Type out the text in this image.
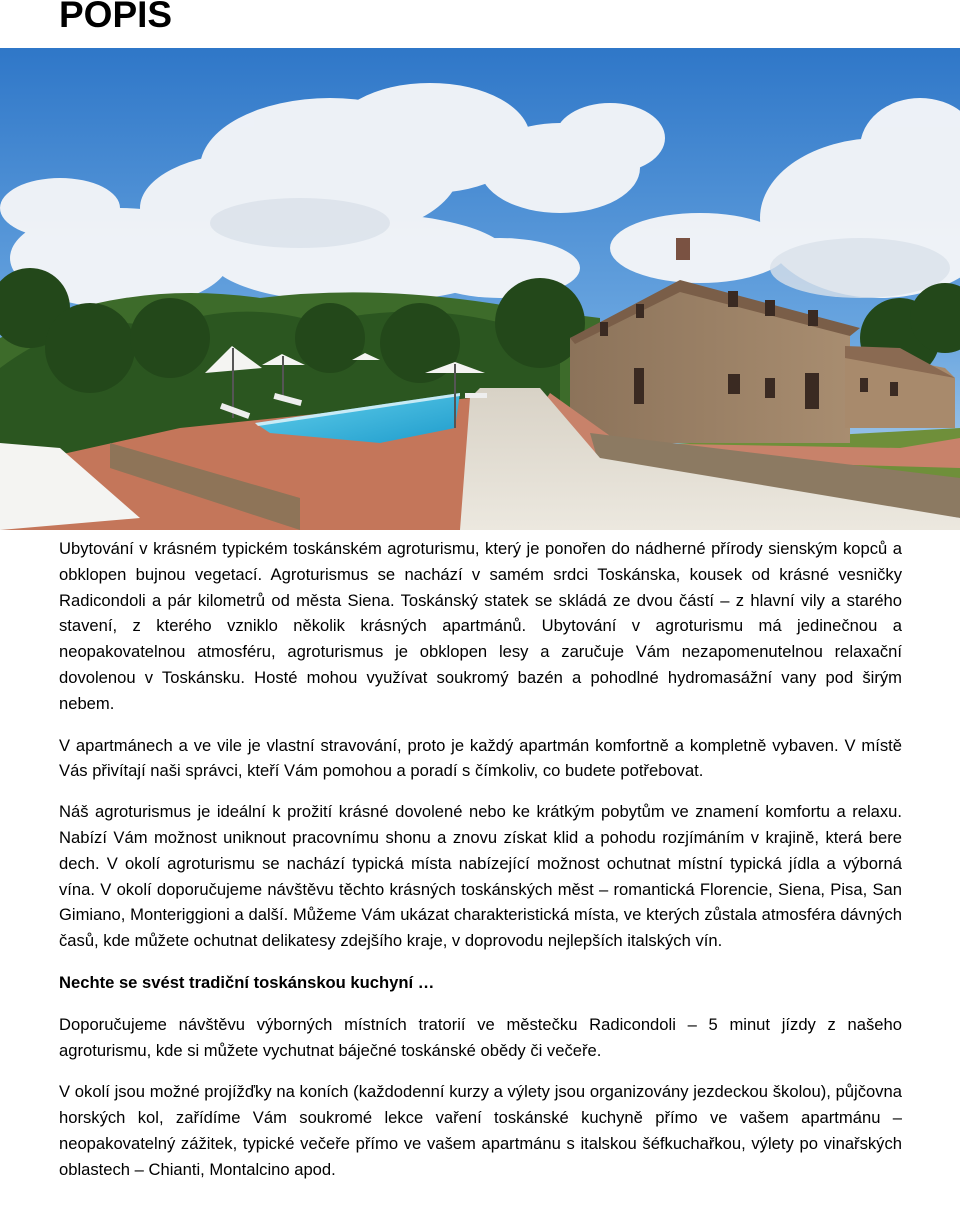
POPIS

Ubytování v krásném typickém toskánském agroturismu, který je ponořen do nádherné přírody sienským kopců a obklopen bujnou vegetací. Agroturismus se nachází v samém srdci Toskánska, kousek od krásné vesničky Radicondoli a pár kilometrů od města Siena. Toskánský statek se skládá ze dvou částí – z hlavní vily a starého stavení, z kterého vzniklo několik krásných apartmánů. Ubytování v agroturismu má jedinečnou a neopakovatelnou atmosféru, agroturismus je obklopen lesy a zaručuje Vám nezapomenutelnou relaxační dovolenou v Toskánsku. Hosté mohou využívat soukromý bazén a pohodlné hydromasážní vany pod širým nebem.

V apartmánech a ve vile je vlastní stravování, proto je každý apartmán komfortně a kompletně vybaven. V místě Vás přivítají naši správci, kteří Vám pomohou a poradí s čímkoliv, co budete potřebovat.

Náš agroturismus je ideální k prožití krásné dovolené nebo ke krátkým pobytům ve znamení komfortu a relaxu. Nabízí Vám možnost uniknout pracovnímu shonu a znovu získat klid a pohodu rozjímáním v krajině, která bere dech. V okolí agroturismu se nachází typická místa nabízející možnost ochutnat místní typická jídla a výborná vína. V okolí doporučujeme návštěvu těchto krásných toskánských měst – romantická Florencie, Siena, Pisa, San Gimiano, Monteriggioni a další. Můžeme Vám ukázat charakteristická místa, ve kterých zůstala atmosféra dávných časů, kde můžete ochutnat delikatesy zdejšího kraje, v doprovodu nejlepších italských vín.

Nechte se svést tradiční toskánskou kuchyní …

Doporučujeme návštěvu výborných místních tratorií ve městečku Radicondoli – 5 minut jízdy z našeho agroturismu, kde si můžete vychutnat báječné toskánské obědy či večeře.

V okolí jsou možné projížďky na koních (každodenní kurzy a výlety jsou organizovány jezdeckou školou), půjčovna horských kol, zařídíme Vám soukromé lekce vaření toskánské kuchyně přímo ve vašem apartmánu – neopakovatelný zážitek, typické večeře přímo ve vašem apartmánu s italskou šéfkuchařkou, výlety po vinařských oblastech – Chianti, Montalcino apod.
